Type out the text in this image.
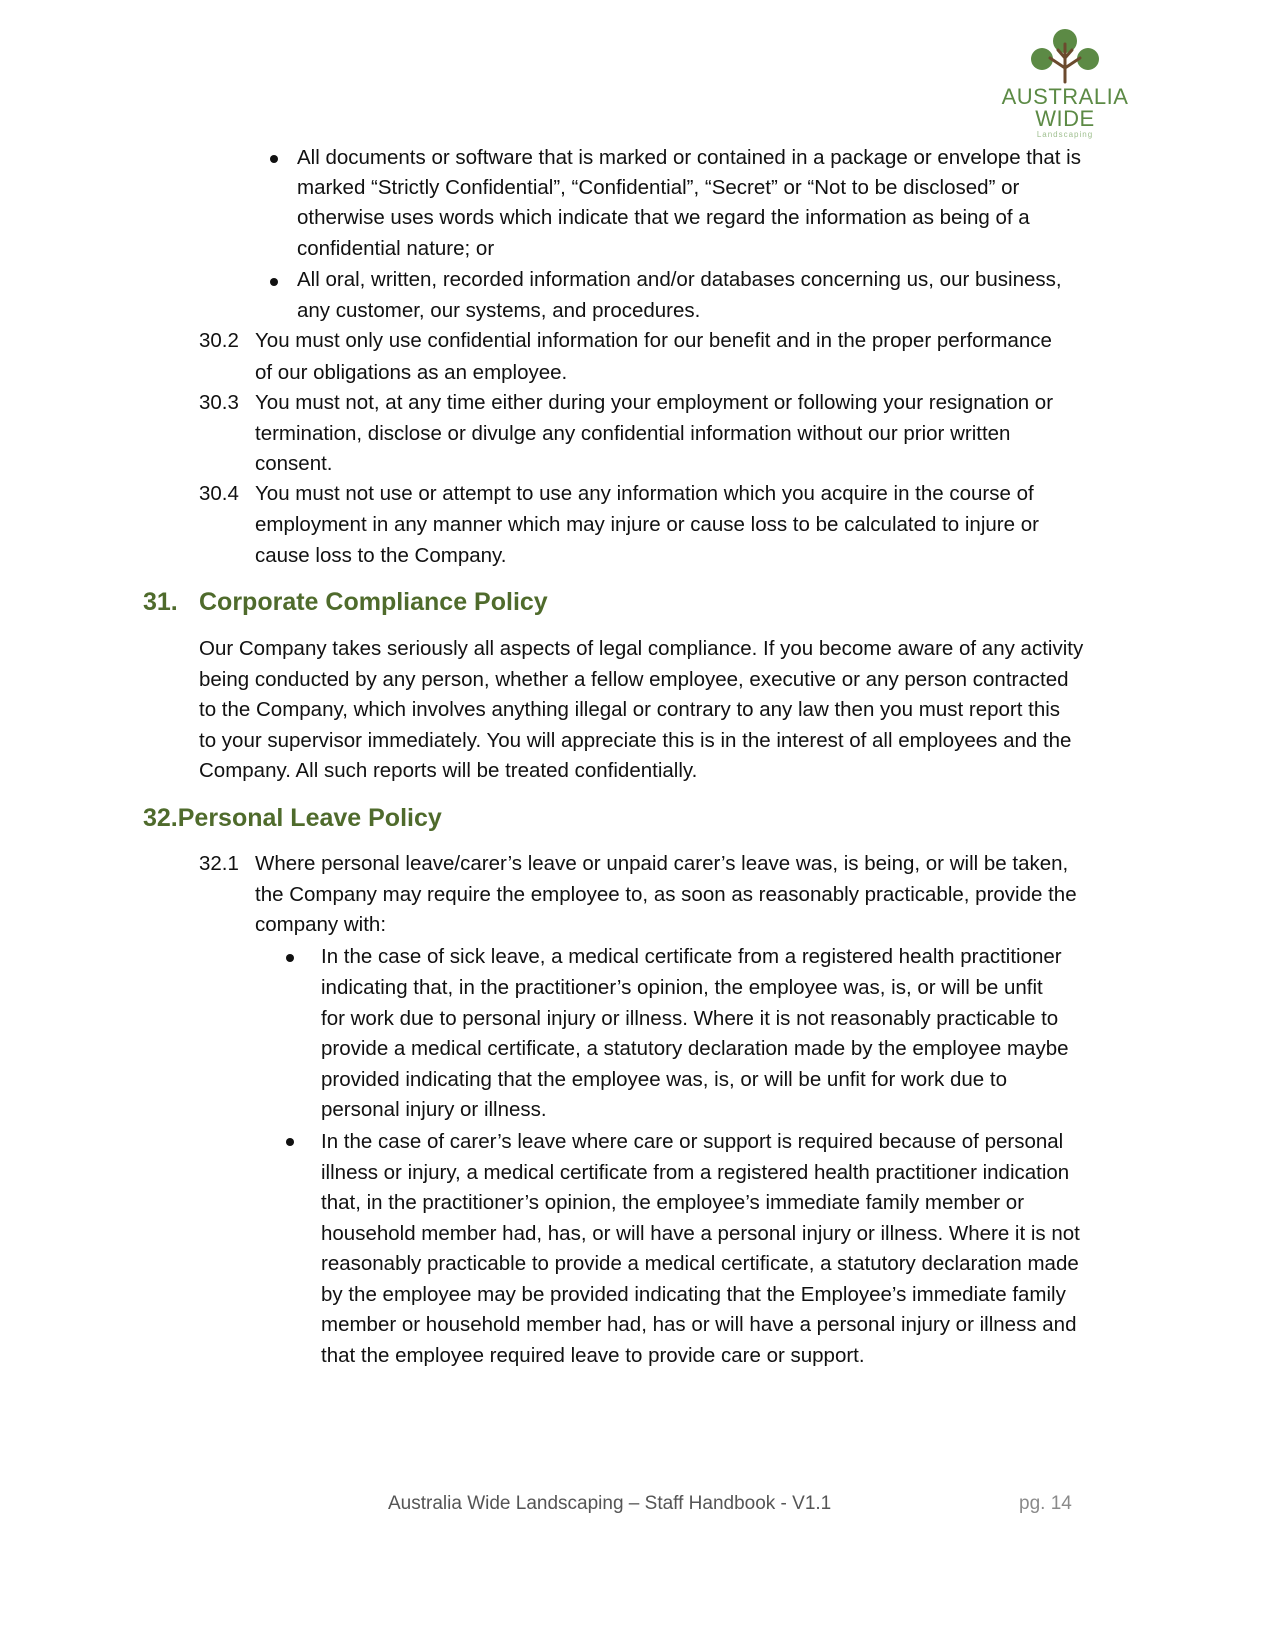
AUSTRALIA
WIDE
Landscaping
All documents or software that is marked or contained in a package or envelope that is
marked “Strictly Confidential”, “Confidential”, “Secret” or “Not to be disclosed” or
otherwise uses words which indicate that we regard the information as being of a
confidential nature; or
All oral, written, recorded information and/or databases concerning us, our business,
any customer, our systems, and procedures.
30.2 You must only use confidential information for our benefit and in the proper performance
of our obligations as an employee.
30.3 You must not, at any time either during your employment or following your resignation or
termination, disclose or divulge any confidential information without our prior written
consent.
30.4 You must not use or attempt to use any information which you acquire in the course of
employment in any manner which may injure or cause loss to be calculated to injure or
cause loss to the Company.
31. Corporate Compliance Policy
Our Company takes seriously all aspects of legal compliance. If you become aware of any activity
being conducted by any person, whether a fellow employee, executive or any person contracted
to the Company, which involves anything illegal or contrary to any law then you must report this
to your supervisor immediately. You will appreciate this is in the interest of all employees and the
Company. All such reports will be treated confidentially.
32.Personal Leave Policy
32.1 Where personal leave/carer’s leave or unpaid carer’s leave was, is being, or will be taken,
the Company may require the employee to, as soon as reasonably practicable, provide the
company with:
In the case of sick leave, a medical certificate from a registered health practitioner
indicating that, in the practitioner’s opinion, the employee was, is, or will be unfit
for work due to personal injury or illness. Where it is not reasonably practicable to
provide a medical certificate, a statutory declaration made by the employee maybe
provided indicating that the employee was, is, or will be unfit for work due to
personal injury or illness.
In the case of carer’s leave where care or support is required because of personal
illness or injury, a medical certificate from a registered health practitioner indication
that, in the practitioner’s opinion, the employee’s immediate family member or
household member had, has, or will have a personal injury or illness. Where it is not
reasonably practicable to provide a medical certificate, a statutory declaration made
by the employee may be provided indicating that the Employee’s immediate family
member or household member had, has or will have a personal injury or illness and
that the employee required leave to provide care or support.
Australia Wide Landscaping – Staff Handbook - V1.1	pg. 14
